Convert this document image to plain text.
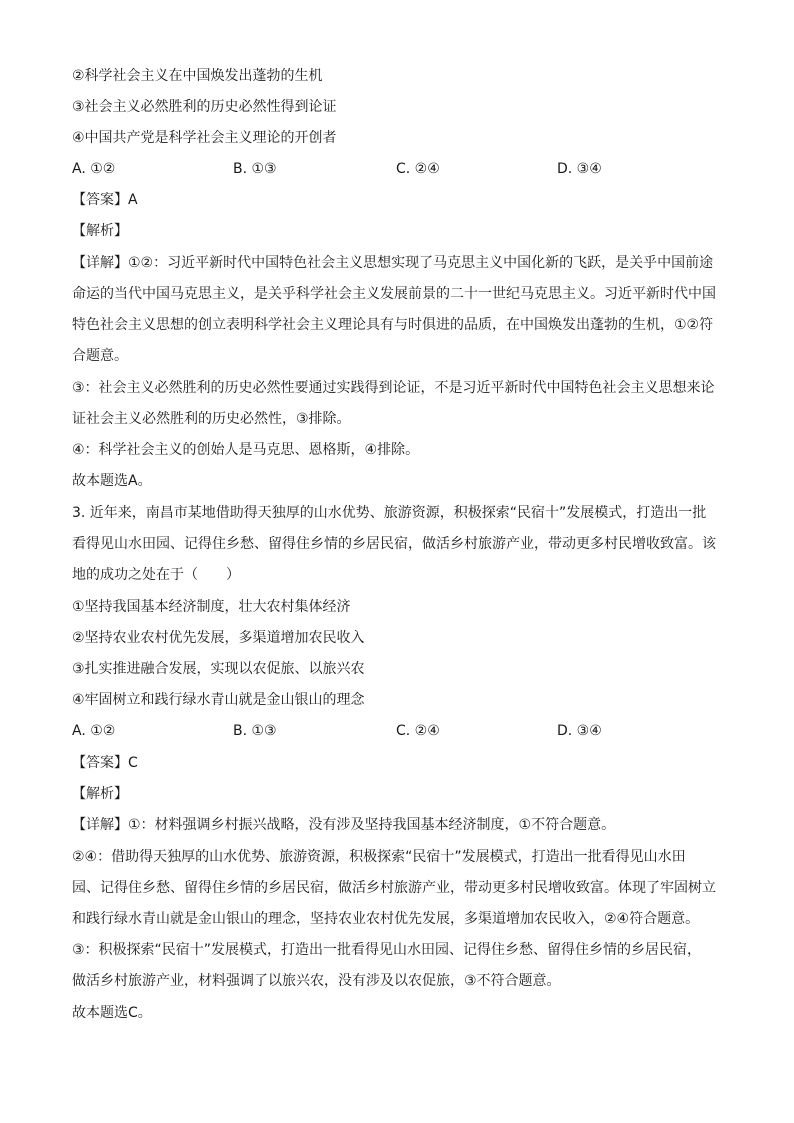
②科学社会主义在中国焕发出蓬勃的生机
③社会主义必然胜利的历史必然性得到论证
④中国共产党是科学社会主义理论的开创者
A. ①②	B. ①③	C. ②④	D. ③④
【答案】A
【解析】
【详解】①②：习近平新时代中国特色社会主义思想实现了马克思主义中国化新的飞跃，是关乎中国前途
命运的当代中国马克思主义，是关乎科学社会主义发展前景的二十一世纪马克思主义。习近平新时代中国
特色社会主义思想的创立表明科学社会主义理论具有与时俱进的品质，在中国焕发出蓬勃的生机，①②符
合题意。
③：社会主义必然胜利的历史必然性要通过实践得到论证，不是习近平新时代中国特色社会主义思想来论
证社会主义必然胜利的历史必然性，③排除。
④：科学社会主义的创始人是马克思、恩格斯，④排除。
故本题选A。
3. 近年来，南昌市某地借助得天独厚的山水优势、旅游资源，积极探索“民宿十”发展模式，打造出一批
看得见山水田园、记得住乡愁、留得住乡情的乡居民宿，做活乡村旅游产业，带动更多村民增收致富。该
地的成功之处在于（　　）
①坚持我国基本经济制度，壮大农村集体经济
②坚持农业农村优先发展，多渠道增加农民收入
③扎实推进融合发展，实现以农促旅、以旅兴农
④牢固树立和践行绿水青山就是金山银山的理念
A. ①②	B. ①③	C. ②④	D. ③④
【答案】C
【解析】
【详解】①：材料强调乡村振兴战略，没有涉及坚持我国基本经济制度，①不符合题意。
②④：借助得天独厚的山水优势、旅游资源，积极探索“民宿十”发展模式，打造出一批看得见山水田
园、记得住乡愁、留得住乡情的乡居民宿，做活乡村旅游产业，带动更多村民增收致富。体现了牢固树立
和践行绿水青山就是金山银山的理念，坚持农业农村优先发展，多渠道增加农民收入，②④符合题意。
③：积极探索“民宿十”发展模式，打造出一批看得见山水田园、记得住乡愁、留得住乡情的乡居民宿，
做活乡村旅游产业，材料强调了以旅兴农，没有涉及以农促旅，③不符合题意。
故本题选C。
